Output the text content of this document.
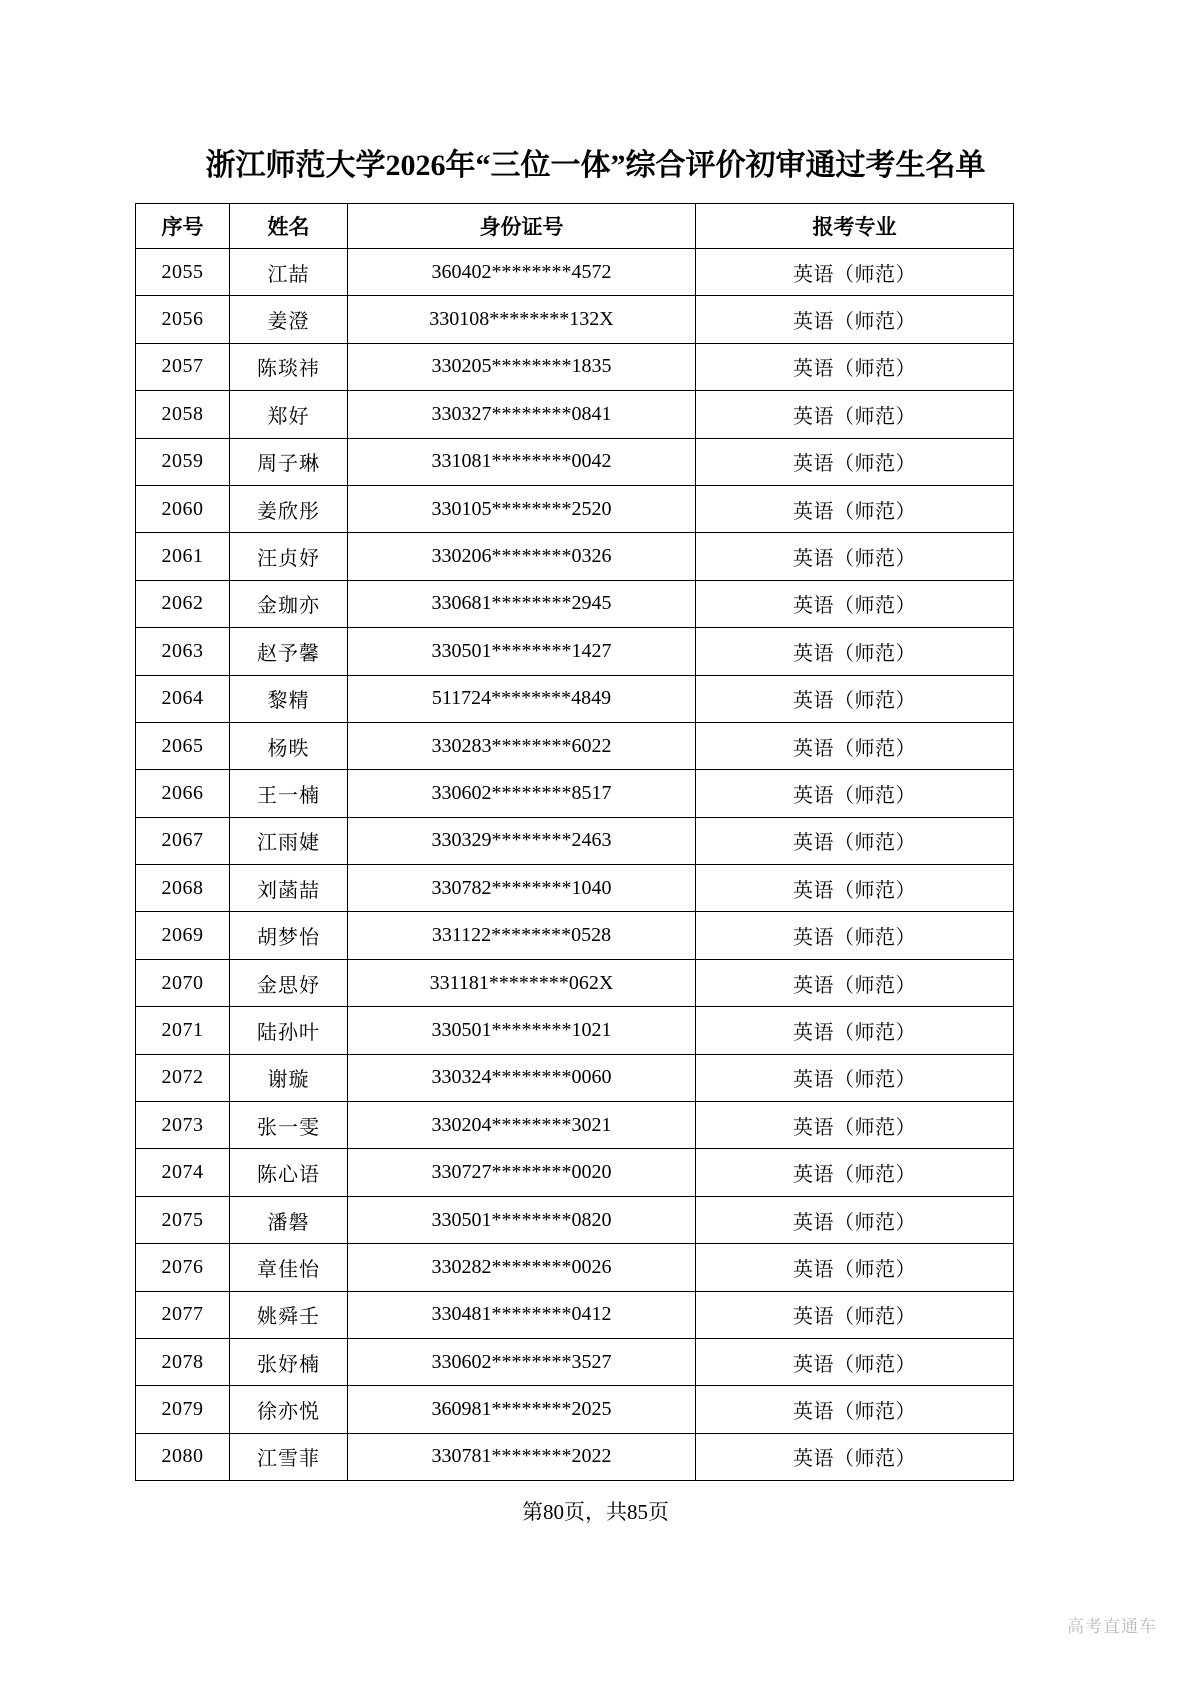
浙江师范大学2026年“三位一体”综合评价初审通过考生名单
序号	姓名	身份证号	报考专业
2055	江喆	360402********4572	英语（师范）
2056	姜澄	330108********132X	英语（师范）
2057	陈琰祎	330205********1835	英语（师范）
2058	郑好	330327********0841	英语（师范）
2059	周子琳	331081********0042	英语（师范）
2060	姜欣彤	330105********2520	英语（师范）
2061	汪贞妤	330206********0326	英语（师范）
2062	金珈亦	330681********2945	英语（师范）
2063	赵予馨	330501********1427	英语（师范）
2064	黎精	511724********4849	英语（师范）
2065	杨昳	330283********6022	英语（师范）
2066	王一楠	330602********8517	英语（师范）
2067	江雨婕	330329********2463	英语（师范）
2068	刘菡喆	330782********1040	英语（师范）
2069	胡梦怡	331122********0528	英语（师范）
2070	金思妤	331181********062X	英语（师范）
2071	陆孙叶	330501********1021	英语（师范）
2072	谢璇	330324********0060	英语（师范）
2073	张一雯	330204********3021	英语（师范）
2074	陈心语	330727********0020	英语（师范）
2075	潘磐	330501********0820	英语（师范）
2076	章佳怡	330282********0026	英语（师范）
2077	姚舜壬	330481********0412	英语（师范）
2078	张妤楠	330602********3527	英语（师范）
2079	徐亦悦	360981********2025	英语（师范）
2080	江雪菲	330781********2022	英语（师范）
第80页，共85页
高考直通车
